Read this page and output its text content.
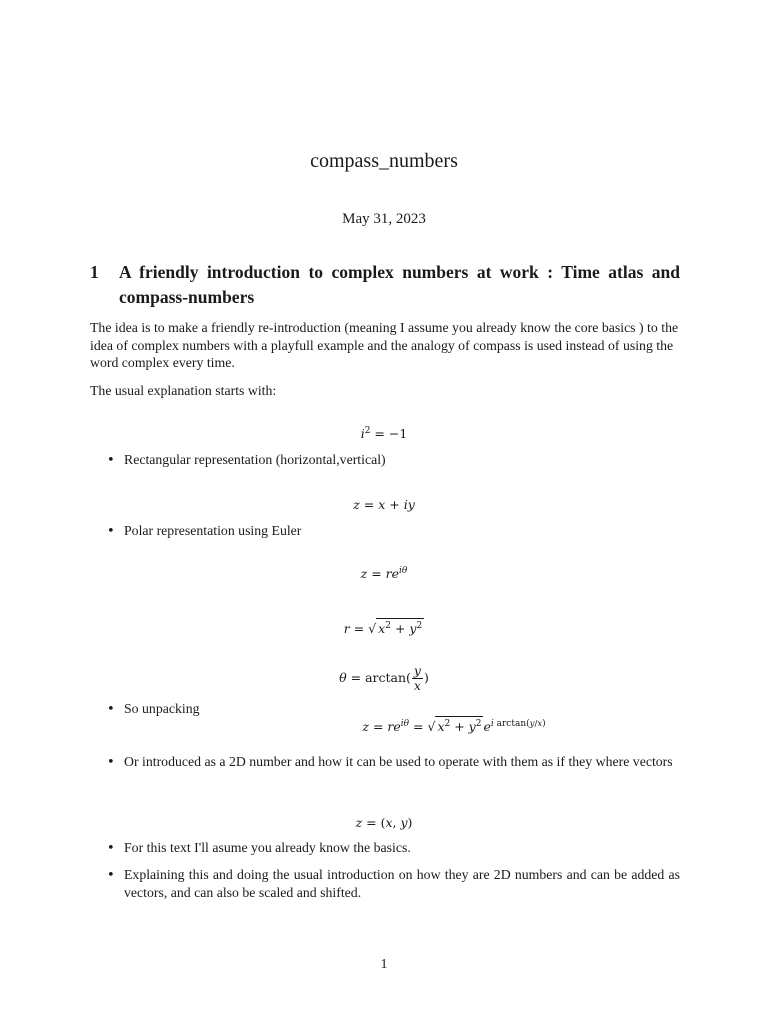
compass_numbers
May 31, 2023
1	A friendly introduction to complex numbers at work : Time atlas and compass-numbers
The idea is to make a friendly re-introduction (meaning I assume you already know the core basics ) to the idea of complex numbers with a playfull example and the analogy of compass is used instead of using the word complex every time.
The usual explanation starts with:
$i^2 = -1$
• Rectangular representation (horizontal,vertical)
z = x + iy
• Polar representation using Euler
$z = re^{i\theta}$
r = √ $x^2 + y^2$
$\theta = \arctan( \frac{y}{x}$ )
• So unpacking
$z = re^{i\theta}$ = √ $x^2 + y^2$ $e^{i arctan(y/x)}$
• Or introduced as a 2D number and how it can be used to operate with them as if they where vectors
z = (x, y)
• For this text I'll asume you already know the basics.
• Explaining this and doing the usual introduction on how they are 2D numbers and can be added as vectors, and can also be scaled and shifted.
1
